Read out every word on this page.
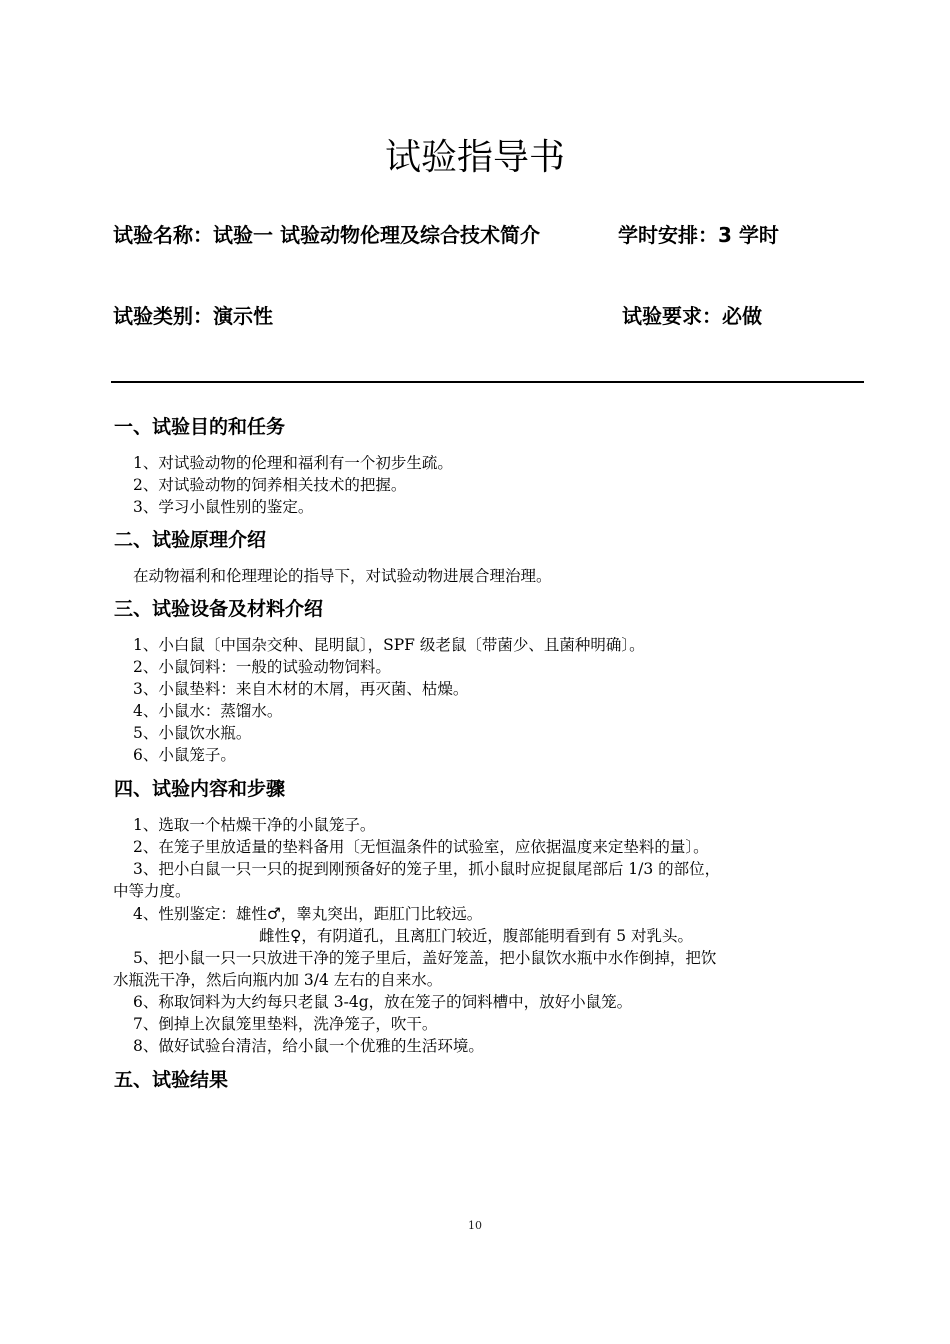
试验指导书
试验名称：试验一 试验动物伦理及综合技术简介	学时安排：3 学时
试验类别：演示性	试验要求：必做
一、试验目的和任务
1、对试验动物的伦理和福利有一个初步生疏。
2、对试验动物的饲养相关技术的把握。
3、学习小鼠性别的鉴定。
二、试验原理介绍
在动物福利和伦理理论的指导下，对试验动物进展合理治理。
三、试验设备及材料介绍
1、小白鼠〔中国杂交种、昆明鼠〕，SPF 级老鼠〔带菌少、且菌种明确〕。
2、小鼠饲料：一般的试验动物饲料。
3、小鼠垫料：来自木材的木屑，再灭菌、枯燥。
4、小鼠水：蒸馏水。
5、小鼠饮水瓶。
6、小鼠笼子。
四、试验内容和步骤
1、选取一个枯燥干净的小鼠笼子。
2、在笼子里放适量的垫料备用〔无恒温条件的试验室，应依据温度来定垫料的量〕。
3、把小白鼠一只一只的捉到刚预备好的笼子里，抓小鼠时应捉鼠尾部后 1/3 的部位，
中等力度。
4、性别鉴定：雄性♂，睾丸突出，距肛门比较远。
雌性♀，有阴道孔，且离肛门较近，腹部能明看到有 5 对乳头。
5、把小鼠一只一只放进干净的笼子里后，盖好笼盖，把小鼠饮水瓶中水作倒掉，把饮
水瓶洗干净，然后向瓶内加 3/4 左右的自来水。
6、称取饲料为大约每只老鼠 3-4g，放在笼子的饲料槽中，放好小鼠笼。
7、倒掉上次鼠笼里垫料，洗净笼子，吹干。
8、做好试验台清洁，给小鼠一个优雅的生活环境。
五、试验结果
10
